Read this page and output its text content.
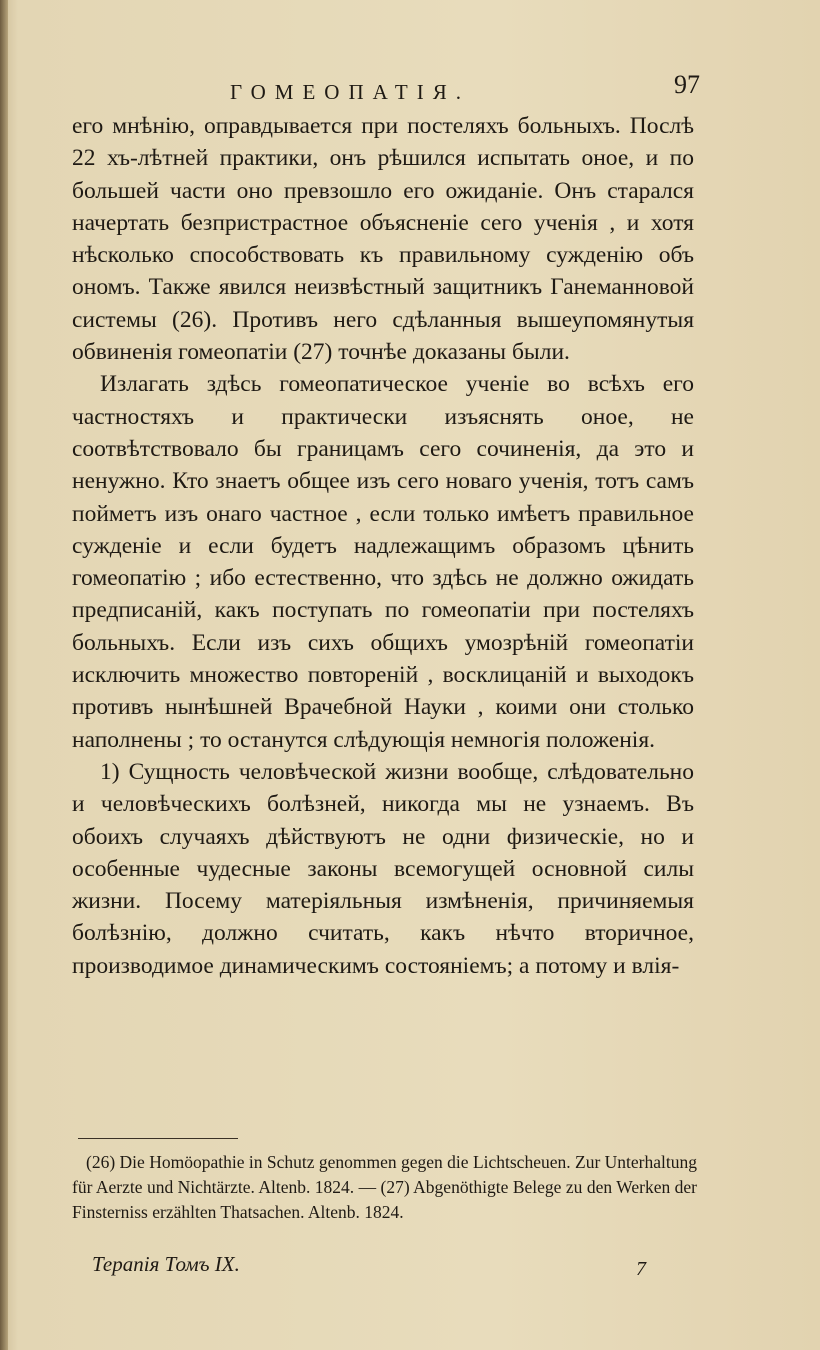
ГОМЕОПАТІЯ.	97

его мнѣнію, оправдывается при постеляхъ больныхъ. Послѣ 22 хъ-лѣтней практики, онъ рѣшился испытать оное, и по большей части оно превзошло его ожиданіе. Онъ старался начертать безпристрастное объясненіе сего ученія , и хотя нѣсколько способствовать къ правильному сужденію объ ономъ. Также явился неизвѣстный защитникъ Ганеманновой системы (26). Противъ него сдѣланныя вышеупомянутыя обвиненія гомеопатіи (27) точнѣе доказаны были.

Излагать здѣсь гомеопатическое ученіе во всѣхъ его частностяхъ и практически изъяснять оное, не соотвѣтствовало бы границамъ сего сочиненія, да это и ненужно. Кто знаетъ общее изъ сего новаго ученія, тотъ самъ пойметъ изъ онаго частное , если только имѣетъ правильное сужденіе и если будетъ надлежащимъ образомъ цѣнить гомеопатію ; ибо естественно, что здѣсь не должно ожидать предписаній, какъ поступать по гомеопатіи при постеляхъ больныхъ. Если изъ сихъ общихъ умозрѣній гомеопатіи исключить множество повтореній , восклицаній и выходокъ противъ нынѣшней Врачебной Науки , коими они столько наполнены ; то останутся слѣдующія немногія положенія.

1) Сущность человѣческой жизни вообще, слѣдовательно и человѣческихъ болѣзней, никогда мы не узнаемъ. Въ обоихъ случаяхъ дѣйствуютъ не одни физическіе, но и особенные чудесные законы всемогущей основной силы жизни. Посему матеріяльныя измѣненія, причиняемыя болѣзнію, должно считать, какъ нѣчто вторичное, производимое динамическимъ состояніемъ; а потому и влія-

(26) Die Homöopathie in Schutz genommen gegen die Lichtscheuen. Zur Unterhaltung für Aerzte und Nichtärzte. Altenb. 1824. — (27) Abgenöthigte Belege zu den Werken der Finsterniss erzählten Thatsachen. Altenb. 1824.

Терапія Томъ IX.	7
